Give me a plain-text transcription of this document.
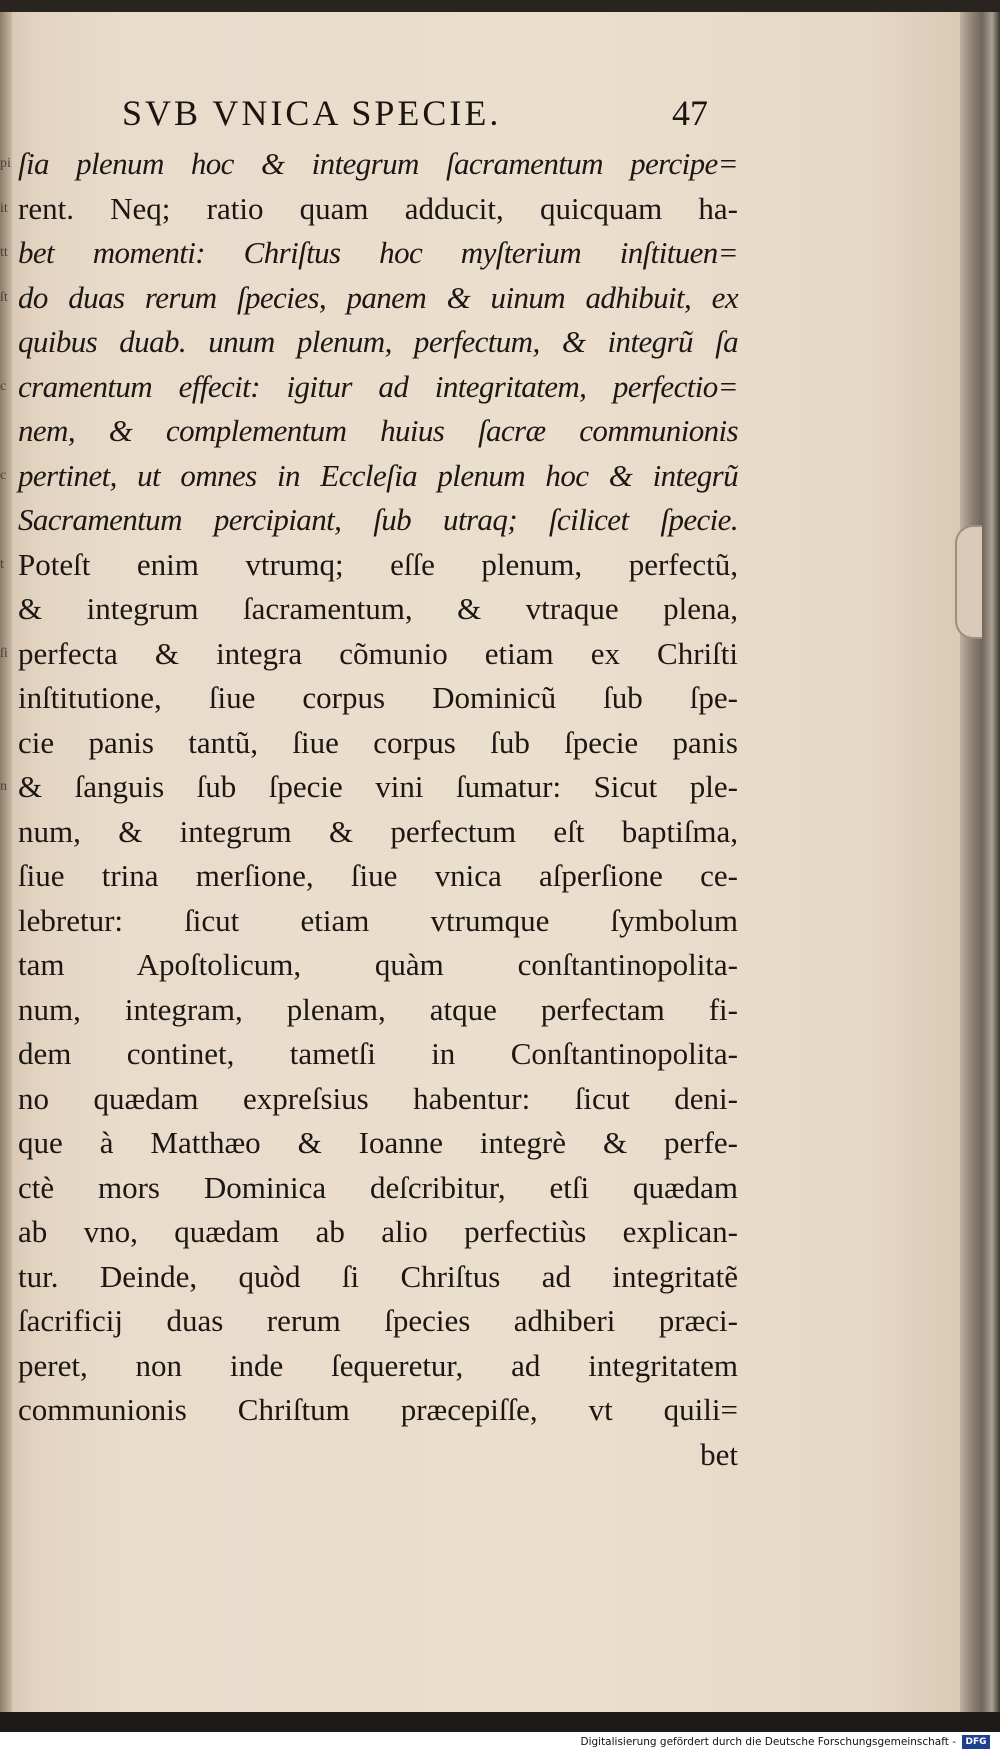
SVB VNICA SPECIE.	47
pi
it
tt
ſt
c
c
t
ſi
n
ſia plenum hoc & integrum ſacramentum percipe=
rent. Neq; ratio quam adducit, quicquam ha-
bet momenti: Chriſtus hoc myſterium inſtituen=
do duas rerum ſpecies, panem & uinum adhibuit, ex
quibus duab. unum plenum, perfectum, & integrũ ſa
cramentum effecit: igitur ad integritatem, perfectio=
nem, & complementum huius ſacræ communionis
pertinet, ut omnes in Eccleſia plenum hoc & integrũ
Sacramentum percipiant, ſub utraq; ſcilicet ſpecie.
Poteſt enim vtrumq; eſſe plenum, perfectũ,
& integrum ſacramentum, & vtraque plena,
perfecta & integra cõmunio etiam ex Chriſti
inſtitutione, ſiue corpus Dominicũ ſub ſpe-
cie panis tantũ, ſiue corpus ſub ſpecie panis
& ſanguis ſub ſpecie vini ſumatur: Sicut ple-
num, & integrum & perfectum eſt baptiſma,
ſiue trina merſione, ſiue vnica aſperſione ce-
lebretur: ſicut etiam vtrumque ſymbolum
tam Apoſtolicum, quàm conſtantinopolita-
num, integram, plenam, atque perfectam fi-
dem continet, tametſi in Conſtantinopolita-
no quædam expreſsius habentur: ſicut deni-
que à Matthæo & Ioanne integrè & perfe-
ctè mors Dominica deſcribitur, etſi quædam
ab vno, quædam ab alio perfectiùs explican-
tur. Deinde, quòd ſi Chriſtus ad integritatẽ
ſacrificij duas rerum ſpecies adhiberi præci-
peret, non inde ſequeretur, ad integritatem
communionis Chriſtum præcepiſſe, vt quili=
bet
Digitalisierung gefördert durch die Deutsche Forschungsgemeinschaft -	DFG
